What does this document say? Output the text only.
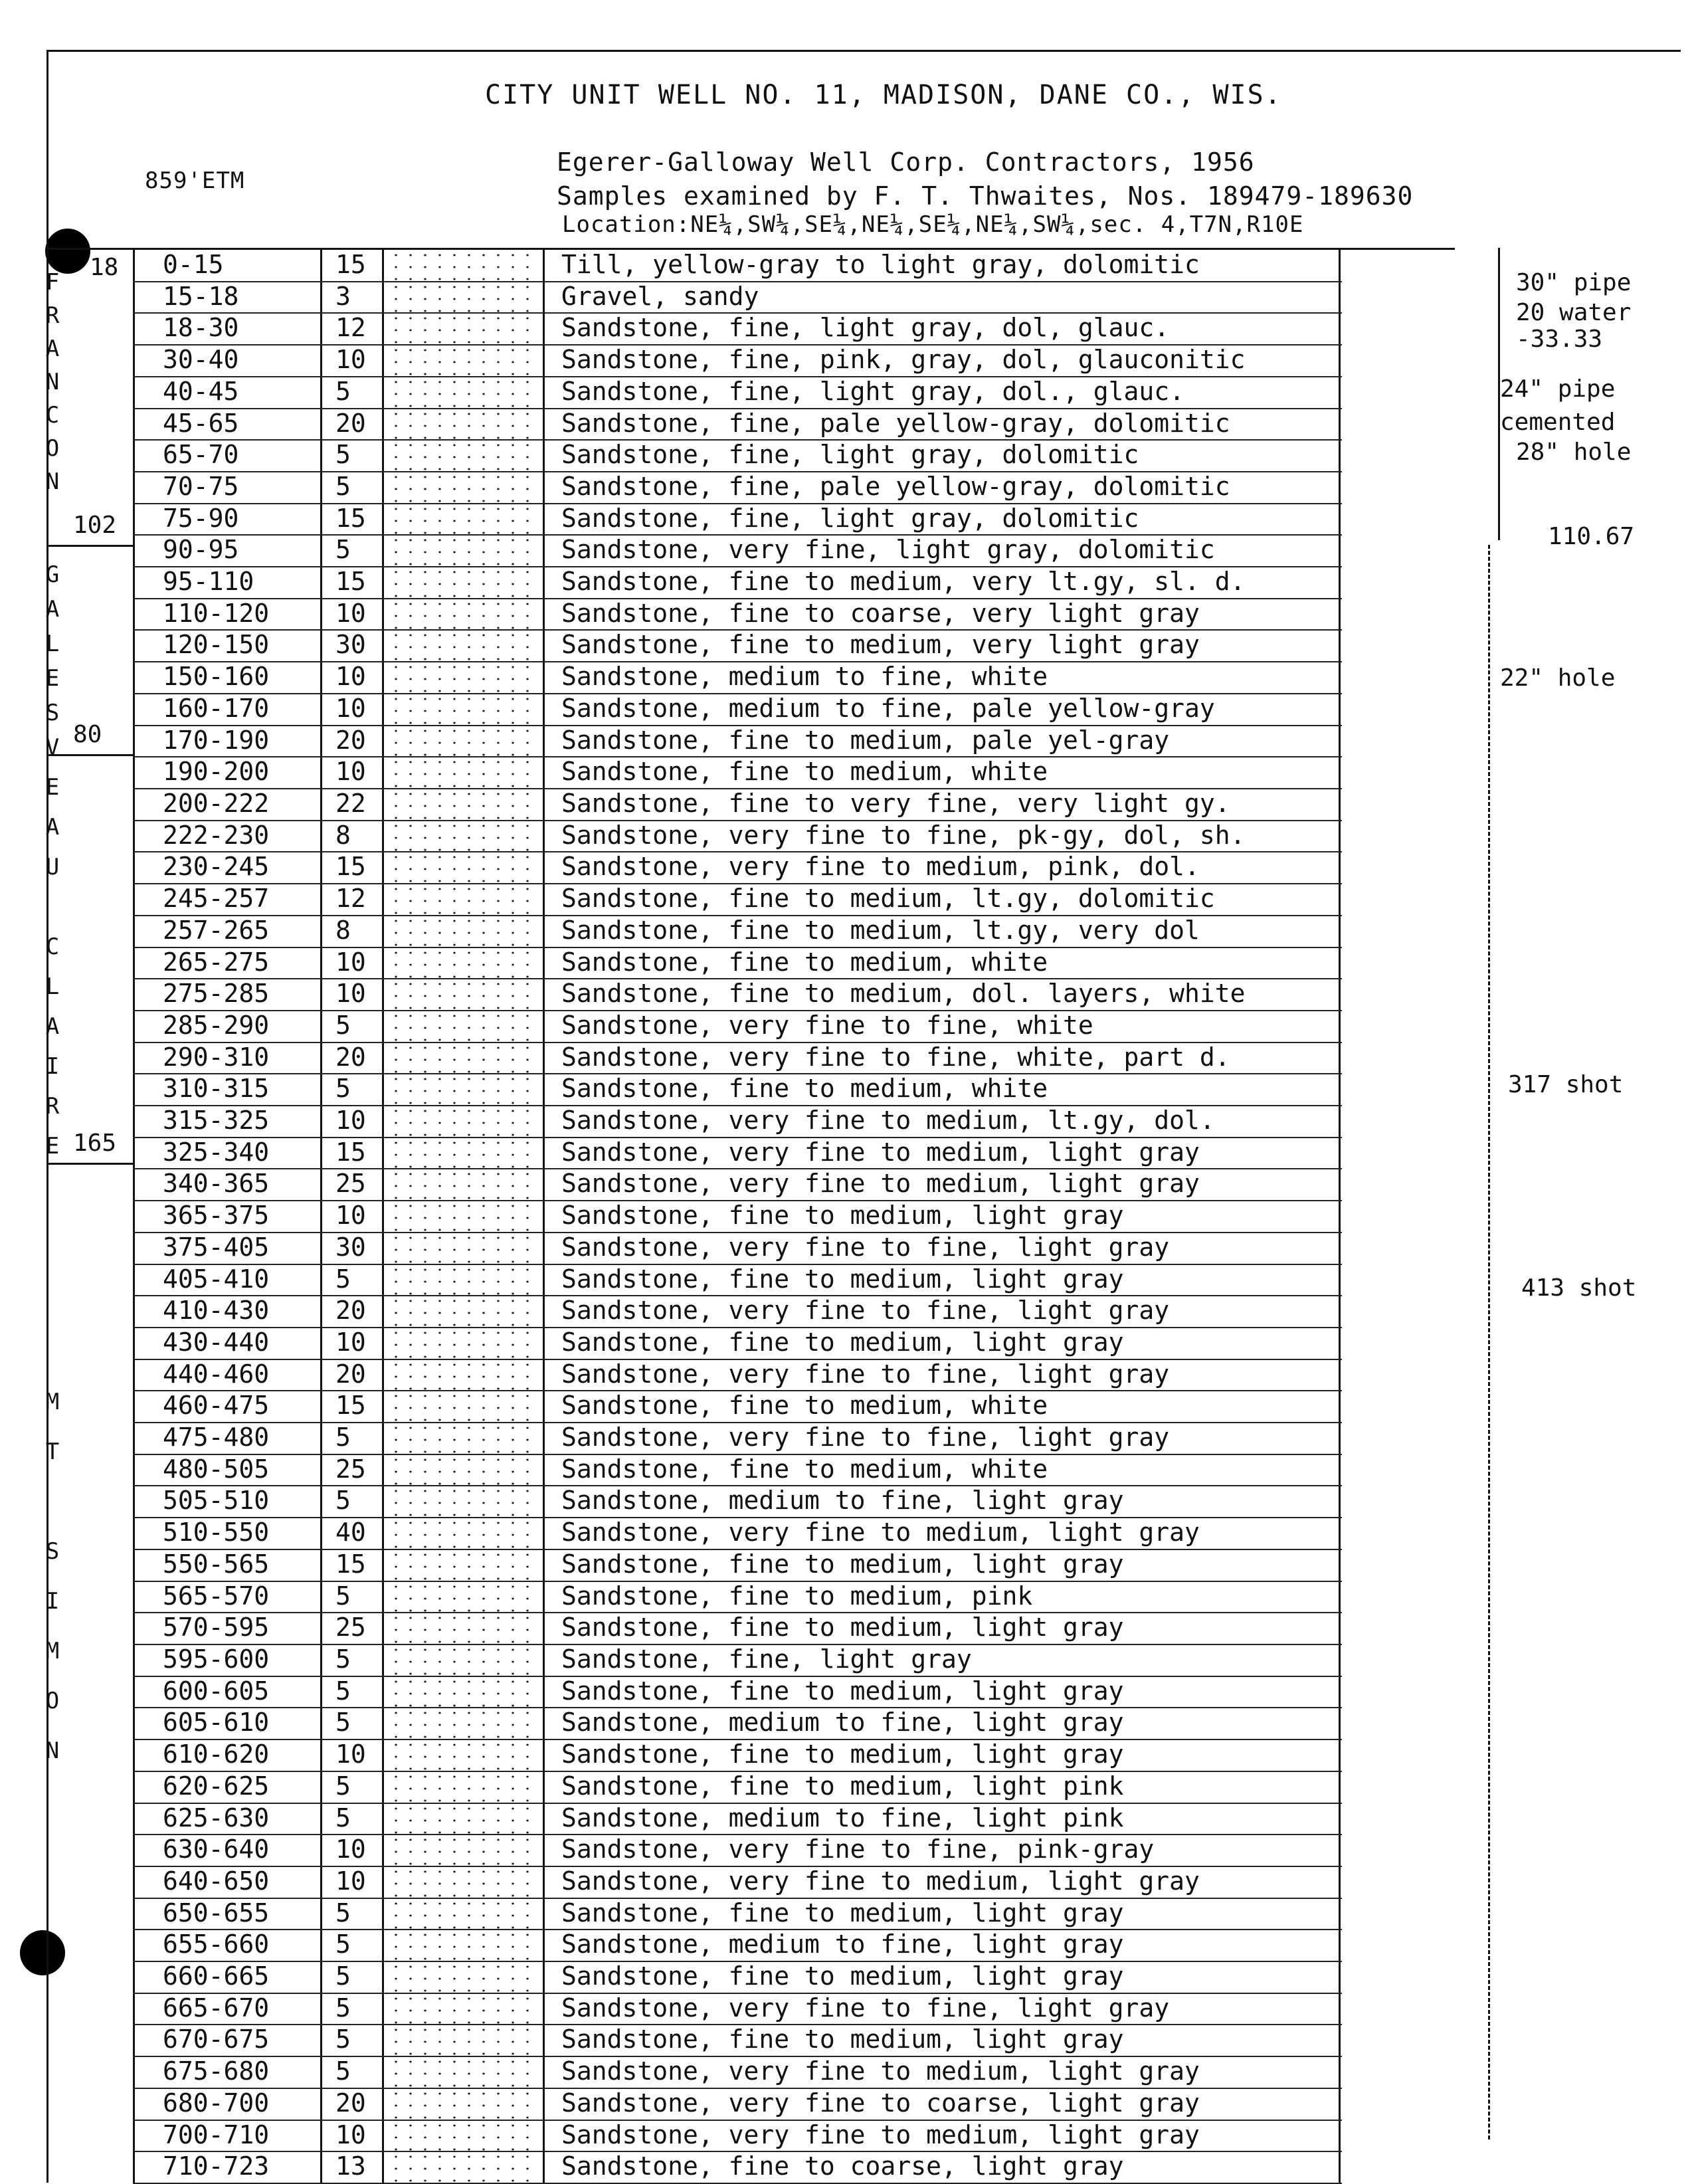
CITY UNIT WELL NO. 11, MADISON, DANE CO., WIS.
859'ETM
Egerer-Galloway Well Corp. Contractors, 1956
Samples examined by F. T. Thwaites, Nos. 189479-189630
Location:NE¼,SW¼,SE¼,NE¼,SE¼,NE¼,SW¼,sec. 4,T7N,R10E
F
R
A
N
C
O
N
102
18
G
A
L
E
S
V 80
E
A
U
C
L
A
I
R
E 165
M
T
S
I
M
O
N
0-15	15	Till, yellow-gray to light gray, dolomitic
15-18	3	Gravel, sandy
18-30	12	Sandstone, fine, light gray, dol, glauc.
30-40	10	Sandstone, fine, pink, gray, dol, glauconitic
40-45	5	Sandstone, fine, light gray, dol., glauc.
45-65	20	Sandstone, fine, pale yellow-gray, dolomitic
65-70	5	Sandstone, fine, light gray, dolomitic
70-75	5	Sandstone, fine, pale yellow-gray, dolomitic
75-90	15	Sandstone, fine, light gray, dolomitic
90-95	5	Sandstone, very fine, light gray, dolomitic
95-110	15	Sandstone, fine to medium, very lt.gy, sl. d.
110-120	10	Sandstone, fine to coarse, very light gray
120-150	30	Sandstone, fine to medium, very light gray
150-160	10	Sandstone, medium to fine, white
160-170	10	Sandstone, medium to fine, pale yellow-gray
170-190	20	Sandstone, fine to medium, pale yel-gray
190-200	10	Sandstone, fine to medium, white
200-222	22	Sandstone, fine to very fine, very light gy.
222-230	8	Sandstone, very fine to fine, pk-gy, dol, sh.
230-245	15	Sandstone, very fine to medium, pink, dol.
245-257	12	Sandstone, fine to medium, lt.gy, dolomitic
257-265	8	Sandstone, fine to medium, lt.gy, very dol
265-275	10	Sandstone, fine to medium, white
275-285	10	Sandstone, fine to medium, dol. layers, white
285-290	5	Sandstone, very fine to fine, white
290-310	20	Sandstone, very fine to fine, white, part d.
310-315	5	Sandstone, fine to medium, white
315-325	10	Sandstone, very fine to medium, lt.gy, dol.
325-340	15	Sandstone, very fine to medium, light gray
340-365	25	Sandstone, very fine to medium, light gray
365-375	10	Sandstone, fine to medium, light gray
375-405	30	Sandstone, very fine to fine, light gray
405-410	5	Sandstone, fine to medium, light gray
410-430	20	Sandstone, very fine to fine, light gray
430-440	10	Sandstone, fine to medium, light gray
440-460	20	Sandstone, very fine to fine, light gray
460-475	15	Sandstone, fine to medium, white
475-480	5	Sandstone, very fine to fine, light gray
480-505	25	Sandstone, fine to medium, white
505-510	5	Sandstone, medium to fine, light gray
510-550	40	Sandstone, very fine to medium, light gray
550-565	15	Sandstone, fine to medium, light gray
565-570	5	Sandstone, fine to medium, pink
570-595	25	Sandstone, fine to medium, light gray
595-600	5	Sandstone, fine, light gray
600-605	5	Sandstone, fine to medium, light gray
605-610	5	Sandstone, medium to fine, light gray
610-620	10	Sandstone, fine to medium, light gray
620-625	5	Sandstone, fine to medium, light pink
625-630	5	Sandstone, medium to fine, light pink
630-640	10	Sandstone, very fine to fine, pink-gray
640-650	10	Sandstone, very fine to medium, light gray
650-655	5	Sandstone, fine to medium, light gray
655-660	5	Sandstone, medium to fine, light gray
660-665	5	Sandstone, fine to medium, light gray
665-670	5	Sandstone, very fine to fine, light gray
670-675	5	Sandstone, fine to medium, light gray
675-680	5	Sandstone, very fine to medium, light gray
680-700	20	Sandstone, very fine to coarse, light gray
700-710	10	Sandstone, very fine to medium, light gray
710-723	13	Sandstone, fine to coarse, light gray
30" pipe
20 water
-33.33
24" pipe
cemented
28" hole
110.67
22" hole
317 shot
413 shot
